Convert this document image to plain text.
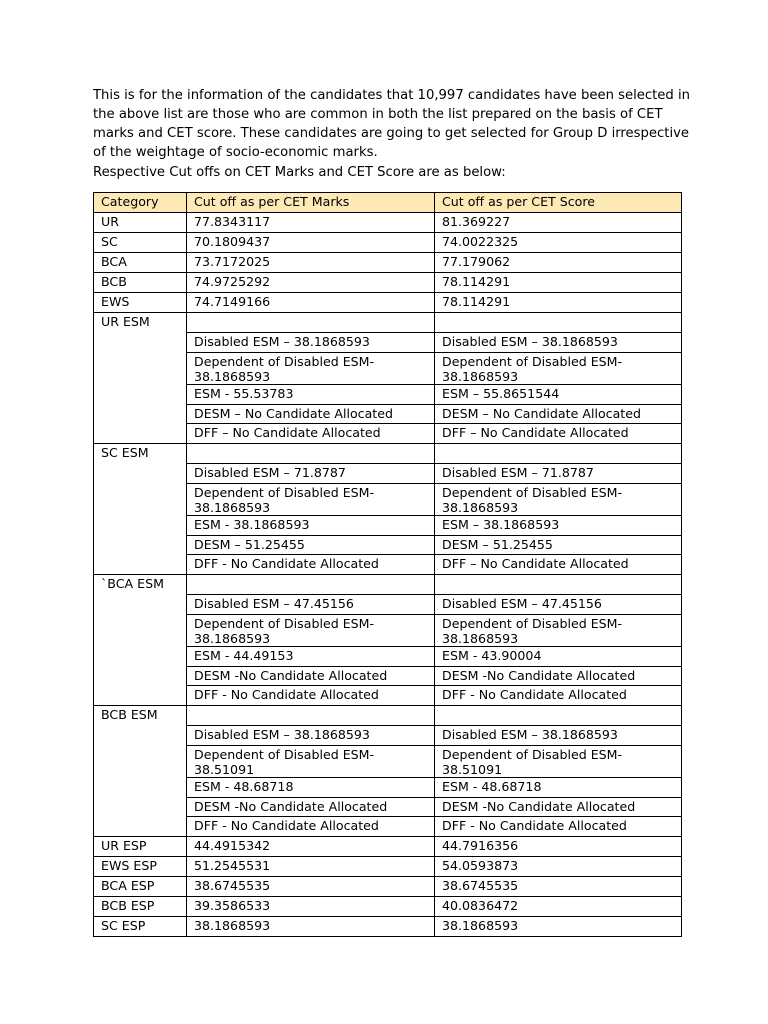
This is for the information of the candidates that 10,997 candidates have been selected in the above list are those who are common in both the list prepared on the basis of CET marks and CET score. These candidates are going to get selected for Group D irrespective of the weightage of socio-economic marks.

Respective Cut offs on CET Marks and CET Score are as below:

Category	Cut off as per CET Marks	Cut off as per CET Score
UR	77.8343117	81.369227
SC	70.1809437	74.0022325
BCA	73.7172025	77.179062
BCB	74.9725292	78.114291
EWS	74.7149166	78.114291
UR ESM		
	Disabled ESM – 38.1868593	Disabled ESM – 38.1868593
	Dependent of Disabled ESM-38.1868593	Dependent of Disabled ESM-38.1868593
	ESM - 55.53783	ESM – 55.8651544
	DESM – No Candidate Allocated	DESM – No Candidate Allocated
	DFF – No Candidate Allocated	DFF – No Candidate Allocated
SC ESM		
	Disabled ESM – 71.8787	Disabled ESM – 71.8787
	Dependent of Disabled ESM-38.1868593	Dependent of Disabled ESM-38.1868593
	ESM - 38.1868593	ESM – 38.1868593
	DESM – 51.25455	DESM – 51.25455
	DFF - No Candidate Allocated	DFF – No Candidate Allocated
`BCA ESM		
	Disabled ESM – 47.45156	Disabled ESM – 47.45156
	Dependent of Disabled ESM-38.1868593	Dependent of Disabled ESM-38.1868593
	ESM - 44.49153	ESM - 43.90004
	DESM -No Candidate Allocated	DESM -No Candidate Allocated
	DFF - No Candidate Allocated	DFF - No Candidate Allocated
BCB ESM		
	Disabled ESM – 38.1868593	Disabled ESM – 38.1868593
	Dependent of Disabled ESM-38.51091	Dependent of Disabled ESM-38.51091
	ESM - 48.68718	ESM - 48.68718
	DESM -No Candidate Allocated	DESM -No Candidate Allocated
	DFF - No Candidate Allocated	DFF - No Candidate Allocated
UR ESP	44.4915342	44.7916356
EWS ESP	51.2545531	54.0593873
BCA ESP	38.6745535	38.6745535
BCB ESP	39.3586533	40.0836472
SC ESP	38.1868593	38.1868593
